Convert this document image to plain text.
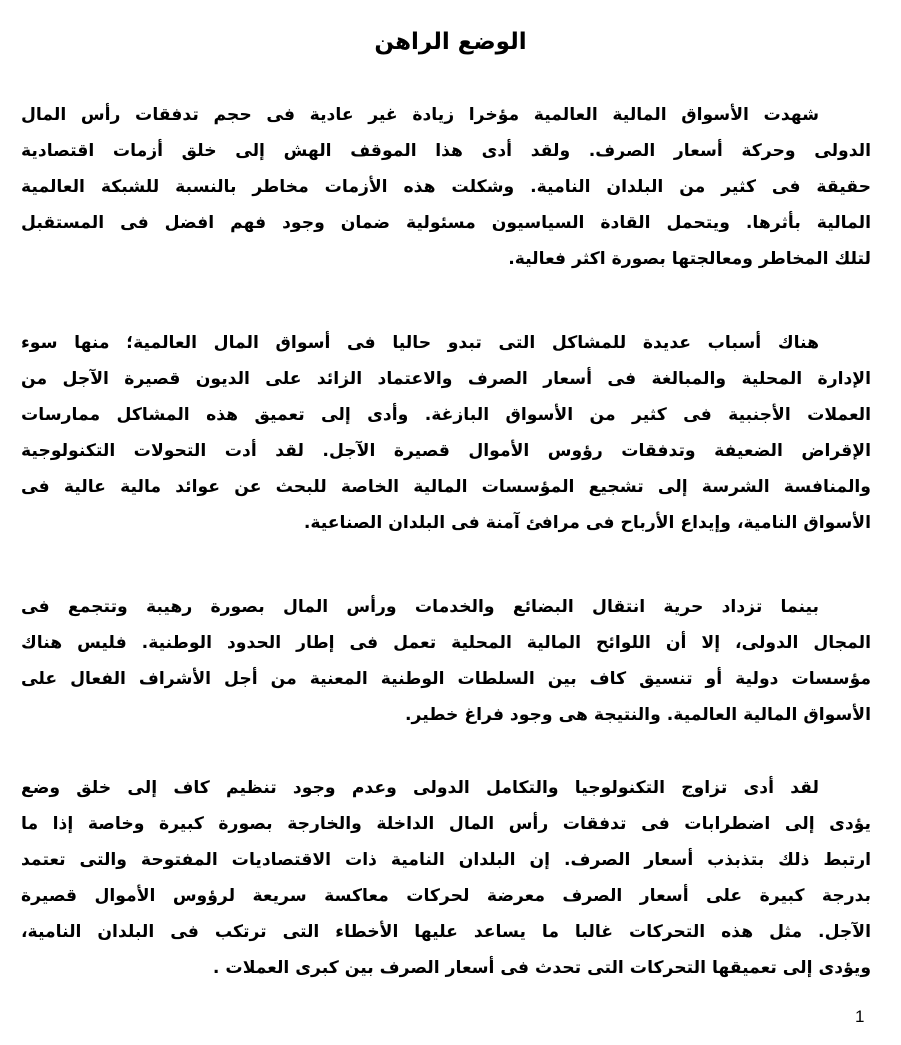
الوضع الراهن
شهدت الأسواق المالية العالمية مؤخرا زيادة غير عادية فى حجم تدفقات رأس المال
الدولى وحركة أسعار الصرف. ولقد أدى هذا الموقف الهش إلى خلق أزمات اقتصادية
حقيقة فى كثير من البلدان النامية. وشكلت هذه الأزمات مخاطر بالنسبة للشبكة العالمية
المالية بأثرها. ويتحمل القادة السياسيون مسئولية ضمان وجود فهم افضل فى المستقبل
لتلك المخاطر ومعالجتها بصورة اكثر فعالية.
هناك أسباب عديدة للمشاكل التى تبدو حاليا فى أسواق المال العالمية؛ منها سوء
الإدارة المحلية والمبالغة فى أسعار الصرف والاعتماد الزائد على الديون قصيرة الآجل من
العملات الأجنبية فى كثير من الأسواق البازغة. وأدى إلى تعميق هذه المشاكل ممارسات
الإقراض الضعيفة وتدفقات رؤوس الأموال قصيرة الآجل. لقد أدت التحولات التكنولوجية
والمنافسة الشرسة إلى تشجيع المؤسسات المالية الخاصة للبحث عن عوائد مالية عالية فى
الأسواق النامية، وإيداع الأرباح فى مرافئ آمنة فى البلدان الصناعية.
بينما تزداد حرية انتقال البضائع والخدمات ورأس المال بصورة رهيبة وتتجمع فى
المجال الدولى، إلا أن اللوائح المالية المحلية تعمل فى إطار الحدود الوطنية. فليس هناك
مؤسسات دولية أو تنسيق كاف بين السلطات الوطنية المعنية من أجل الأشراف الفعال على
الأسواق المالية العالمية. والنتيجة هى وجود فراغ خطير.
لقد أدى تزاوج التكنولوجيا والتكامل الدولى وعدم وجود تنظيم كاف إلى خلق وضع
يؤدى إلى اضطرابات فى تدفقات رأس المال الداخلة والخارجة بصورة كبيرة وخاصة إذا ما
ارتبط ذلك بتذبذب أسعار الصرف. إن البلدان النامية ذات الاقتصاديات المفتوحة والتى تعتمد
بدرجة كبيرة على أسعار الصرف معرضة لحركات معاكسة سريعة لرؤوس الأموال قصيرة
الآجل. مثل هذه التحركات غالبا ما يساعد عليها الأخطاء التى ترتكب فى البلدان النامية،
ويؤدى إلى تعميقها التحركات التى تحدث فى أسعار الصرف بين كبرى العملات .
1
